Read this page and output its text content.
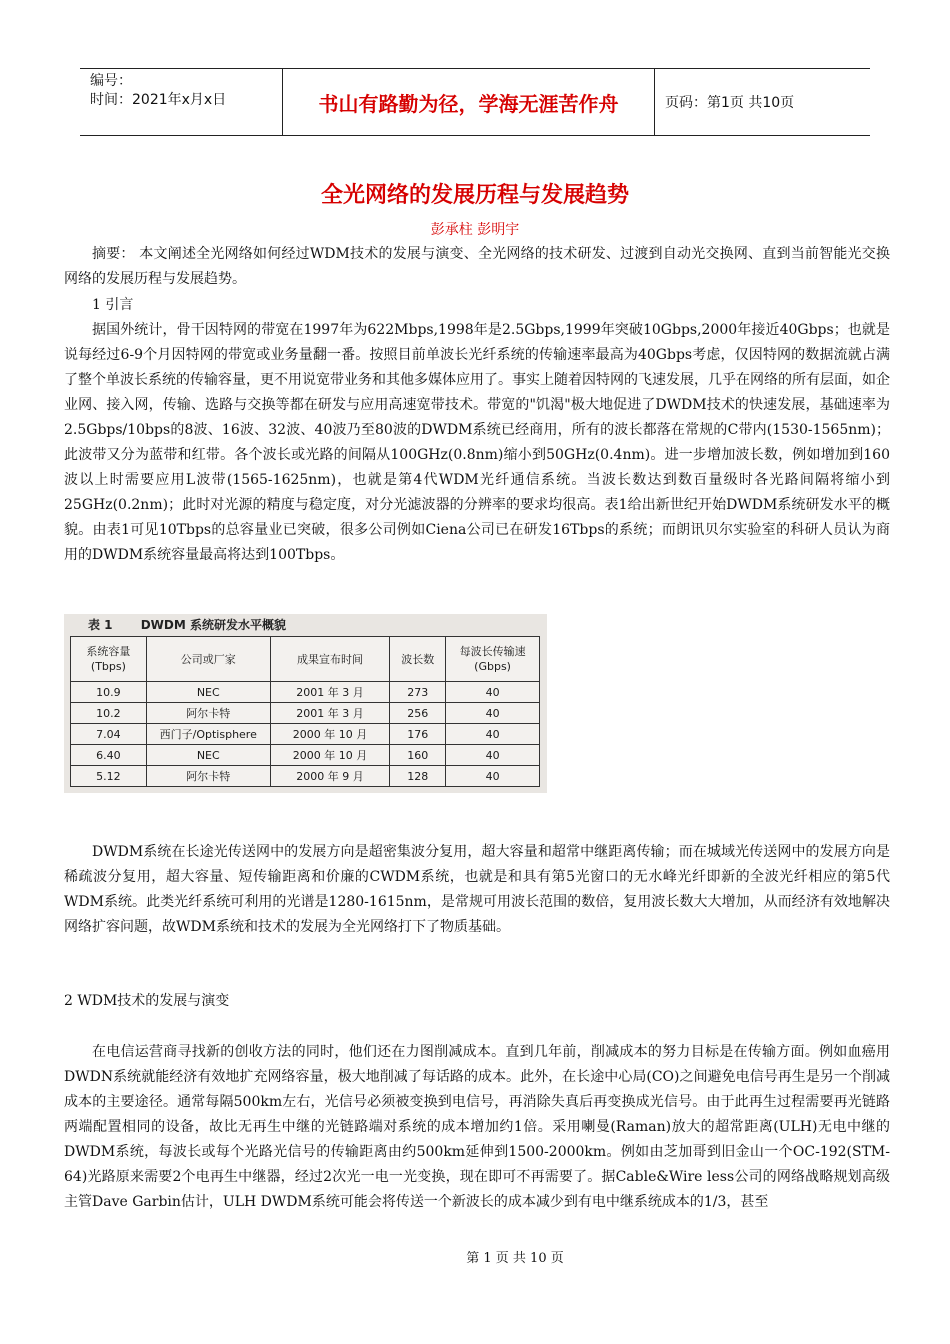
编号：
时间：2021年x月x日	书山有路勤为径，学海无涯苦作舟	页码：第1页 共10页
全光网络的发展历程与发展趋势
彭承柱 彭明宇

摘要： 本文阐述全光网络如何经过WDM技术的发展与演变、全光网络的技术研发、过渡到自动光交换网、直到当前智能光交换网络的发展历程与发展趋势。

1 引言

据国外统计，骨干因特网的带宽在1997年为622Mbps,1998年是2.5Gbps,1999年突破10Gbps,2000年接近40Gbps；也就是说每经过6-9个月因特网的带宽或业务量翻一番。按照目前单波长光纤系统的传输速率最高为40Gbps考虑，仅因特网的数据流就占满了整个单波长系统的传输容量，更不用说宽带业务和其他多媒体应用了。事实上随着因特网的飞速发展，几乎在网络的所有层面，如企业网、接入网，传输、选路与交换等都在研发与应用高速宽带技术。带宽的"饥渴"极大地促进了DWDM技术的快速发展，基础速率为2.5Gbps/10bps的8波、16波、32波、40波乃至80波的DWDM系统已经商用，所有的波长都落在常规的C带内(1530-1565nm)；此波带又分为蓝带和红带。各个波长或光路的间隔从100GHz(0.8nm)缩小到50GHz(0.4nm)。进一步增加波长数，例如增加到160波以上时需要应用L波带(1565-1625nm)，也就是第4代WDM光纤通信系统。当波长数达到数百量级时各光路间隔将缩小到25GHz(0.2nm)；此时对光源的精度与稳定度，对分光滤波器的分辨率的要求均很高。表1给出新世纪开始DWDM系统研发水平的概貌。由表1可见10Tbps的总容量业已突破，很多公司例如Ciena公司已在研发16Tbps的系统；而朗讯贝尔实验室的科研人员认为商用的DWDM系统容量最高将达到100Tbps。

表 1 DWDM 系统研发水平概貌
系统容量
(Tbps)	公司或厂家	成果宣布时间	波长数	每波长传输速
(Gbps)
10.9	NEC	2001 年 3 月	273	40
10.2	阿尔卡特	2001 年 3 月	256	40
7.04	西门子/Optisphere	2000 年 10 月	176	40
6.40	NEC	2000 年 10 月	160	40
5.12	阿尔卡特	2000 年 9 月	128	40

DWDM系统在长途光传送网中的发展方向是超密集波分复用，超大容量和超常中继距离传输；而在城域光传送网中的发展方向是稀疏波分复用，超大容量、短传输距离和价廉的CWDM系统，也就是和具有第5光窗口的无水峰光纤即新的全波光纤相应的第5代WDM系统。此类光纤系统可利用的光谱是1280-1615nm，是常规可用波长范围的数倍，复用波长数大大增加，从而经济有效地解决网络扩容问题，故WDM系统和技术的发展为全光网络打下了物质基础。

2 WDM技术的发展与演变

在电信运营商寻找新的创收方法的同时，他们还在力图削减成本。直到几年前，削减成本的努力目标是在传输方面。例如血癌用DWDN系统就能经济有效地扩充网络容量，极大地削减了每话路的成本。此外，在长途中心局(CO)之间避免电信号再生是另一个削减成本的主要途径。通常每隔500km左右，光信号必须被变换到电信号，再消除失真后再变换成光信号。由于此再生过程需要再光链路两端配置相同的设备，故比无再生中继的光链路端对系统的成本增加约1倍。采用喇曼(Raman)放大的超常距离(ULH)无电中继的DWDM系统，每波长或每个光路光信号的传输距离由约500km延伸到1500-2000km。例如由芝加哥到旧金山一个OC-192(STM-64)光路原来需要2个电再生中继器，经过2次光一电一光变换，现在即可不再需要了。据Cable&Wire less公司的网络战略规划高级主管Dave Garbin估计，ULH DWDM系统可能会将传送一个新波长的成本减少到有电中继系统成本的1/3，甚至

第 1 页 共 10 页
